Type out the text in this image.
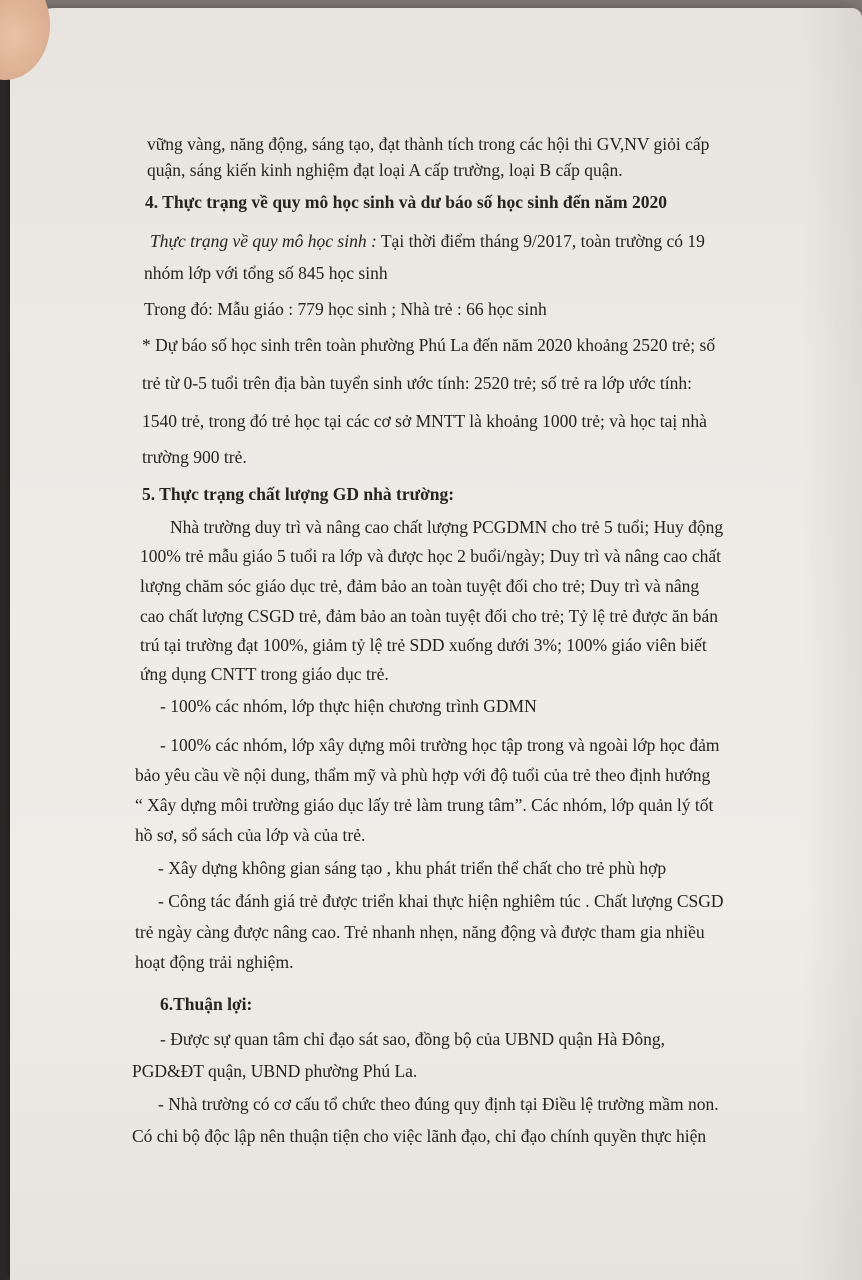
vững vàng, năng động, sáng tạo, đạt thành tích trong các hội thi GV,NV giỏi cấp
quận, sáng kiến kinh nghiệm đạt loại A cấp trường, loại B cấp quận.
4. Thực trạng về quy mô học sinh và dư báo số học sinh đến năm 2020
Thực trạng về quy mô học sinh : Tại thời điểm tháng 9/2017, toàn trường có 19
nhóm lớp với tổng số 845 học sinh
Trong đó: Mẫu giáo : 779 học sinh ; Nhà trẻ : 66 học sinh
* Dự báo số học sinh trên toàn phường Phú La đến năm 2020 khoảng 2520 trẻ; số
trẻ từ 0-5 tuổi trên địa bàn tuyển sinh ước tính: 2520 trẻ; số trẻ ra lớp ước tính:
1540 trẻ, trong đó trẻ học tại các cơ sở MNTT là khoảng 1000 trẻ; và học taị nhà
trường 900 trẻ.
5. Thực trạng chất lượng GD nhà trường:
Nhà trường duy trì và nâng cao chất lượng PCGDMN cho trẻ 5 tuổi; Huy động
100% trẻ mẫu giáo 5 tuổi ra lớp và được học 2 buổi/ngày; Duy trì và nâng cao chất
lượng chăm sóc giáo dục trẻ, đảm bảo an toàn tuyệt đối cho trẻ; Duy trì và nâng
cao chất lượng CSGD trẻ, đảm bảo an toàn tuyệt đối cho trẻ; Tỷ lệ trẻ được ăn bán
trú tại trường đạt 100%, giảm tỷ lệ trẻ SDD xuống dưới 3%; 100% giáo viên biết
ứng dụng CNTT trong giáo dục trẻ.
- 100% các nhóm, lớp thực hiện chương trình GDMN
- 100% các nhóm, lớp xây dựng môi trường học tập trong và ngoài lớp học đảm
bảo yêu cầu về nội dung, thẩm mỹ và phù hợp với độ tuổi của trẻ theo định hướng
“ Xây dựng môi trường giáo dục lấy trẻ làm trung tâm”. Các nhóm, lớp quản lý tốt
hồ sơ, sổ sách của lớp và của trẻ.
- Xây dựng không gian sáng tạo , khu phát triển thể chất cho trẻ phù hợp
- Công tác đánh giá trẻ được triển khai thực hiện nghiêm túc . Chất lượng CSGD
trẻ ngày càng được nâng cao. Trẻ nhanh nhẹn, năng động và được tham gia nhiều
hoạt động trải nghiệm.
6.Thuận lợi:
- Được sự quan tâm chỉ đạo sát sao, đồng bộ của UBND quận Hà Đông,
PGD&ĐT quận, UBND phường Phú La.
- Nhà trường có cơ cấu tổ chức theo đúng quy định tại Điều lệ trường mầm non.
Có chi bộ độc lập nên thuận tiện cho việc lãnh đạo, chỉ đạo chính quyền thực hiện
